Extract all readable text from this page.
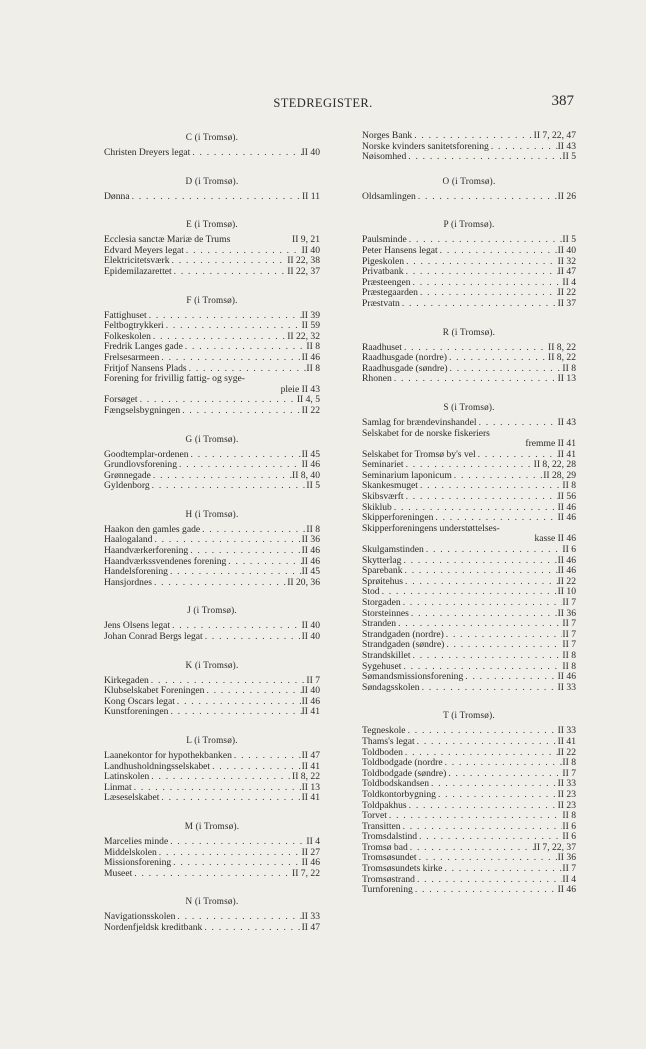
STEDREGISTER.	387
C (i Tromsø).
Christen Dreyers legat . . .	II 40
D (i Tromsø).
Dønna . . .	II 11
E (i Tromsø).
Ecclesia sanctæ Mariæ de Trums	II 9, 21
Edvard Meyers legat . . .	II 40
Elektricitetsværk . . .	II 22, 38
Epidemilazarettet . . .	II 22, 37
F (i Tromsø).
Fattighuset . . .	II 39
Feltbogtrykkeri . . .	II 59
Folkeskolen . . .	II 22, 32
Fredrik Langes gade . . .	II 8
Frelsesarmeen . . .	II 46
Fritjof Nansens Plads . . .	II 8
Forening for frivillig fattig- og syge-
pleie II 43
Forsøget . . .	II 4, 5
Fængselsbygningen . . .	II 22
G (i Tromsø).
Goodtemplar-ordenen . . .	II 45
Grundlovsforening . . .	II 46
Grønnegade . . .	II 8, 40
Gyldenborg . . .	II 5
H (i Tromsø).
Haakon den gamles gade . . .	II 8
Haalogaland . . .	II 36
Haandværkerforening . . .	II 46
Haandværkssvendenes forening . . .	II 46
Handelsforening . . .	II 45
Hansjordnes . . .	II 20, 36
J (i Tromsø).
Jens Olsens legat . . .	II 40
Johan Conrad Bergs legat . . .	II 40
K (i Tromsø).
Kirkegaden . . .	II 7
Klubselskabet Foreningen . . .	II 40
Kong Oscars legat . . .	II 46
Kunstforeningen . . .	II 41
L (i Tromsø).
Laanekontor for hypothekbanken . . .	II 47
Landhusholdningsselskabet . . .	II 41
Latinskolen . . .	II 8, 22
Linmat . . .	II 13
Læseselskabet . . .	II 41
M (i Tromsø).
Marcelies minde . . .	II 4
Middelskolen . . .	II 27
Missionsforening . . .	II 46
Museet . . .	II 7, 22
N (i Tromsø).
Navigationsskolen . . .	II 33
Nordenfjeldsk kreditbank . . .	II 47
Norges Bank . . .	II 7, 22, 47
Norske kvinders sanitetsforening . . .	II 43
Nøisomhed . . .	II 5
O (i Tromsø).
Oldsamlingen . . .	II 26
P (i Tromsø).
Paulsminde . . .	II 5
Peter Hansens legat . . .	II 40
Pigeskolen . . .	II 32
Privatbank . . .	II 47
Præsteengen . . .	II 4
Præstegaarden . . .	II 22
Præstvatn . . .	II 37
R (i Tromsø).
Raadhuset . . .	II 8, 22
Raadhusgade (nordre) . . .	II 8, 22
Raadhusgade (søndre) . . .	II 8
Rhonen . . .	II 13
S (i Tromsø).
Samlag for brændevinshandel . . .	II 43
Selskabet for de norske fiskeriers
fremme II 41
Selskabet for Tromsø by's vel . . .	II 41
Seminariet . . .	II 8, 22, 28
Seminarium laponicum . . .	II 28, 29
Skankesmuget . . .	II 8
Skibsværft . . .	II 56
Skiklub . . .	II 46
Skipperforeningen . . .	II 46
Skipperforeningens understøttelses-
kasse II 46
Skulgamstinden . . .	II 6
Skytterlag . . .	II 46
Sparebank . . .	II 46
Sprøitehus . . .	II 22
Stod . . .	II 10
Storgaden . . .	II 7
Storsteinnes . . .	II 36
Stranden . . .	II 7
Strandgaden (nordre) . . .	II 7
Strandgaden (søndre) . . .	II 7
Strandskillet . . .	II 8
Sygehuset . . .	II 8
Sømandsmissionsforening . . .	II 46
Søndagsskolen . . .	II 33
T (i Tromsø).
Tegneskole . . .	II 33
Thams's legat . . .	II 41
Toldboden . . .	II 22
Toldbodgade (nordre . . .	II 8
Toldbodgade (søndre) . . .	II 7
Toldbodskandsen . . .	II 33
Toldkontorbygning . . .	II 23
Toldpakhus . . .	II 23
Torvet . . .	II 8
Transitten . . .	II 6
Tromsdalstind . . .	II 6
Tromsø bad . . .	II 7, 22, 37
Tromsøsundet . . .	II 36
Tromsøsundets kirke . . .	II 7
Tromsøstrand . . .	II 4
Turnforening . . .	II 46
